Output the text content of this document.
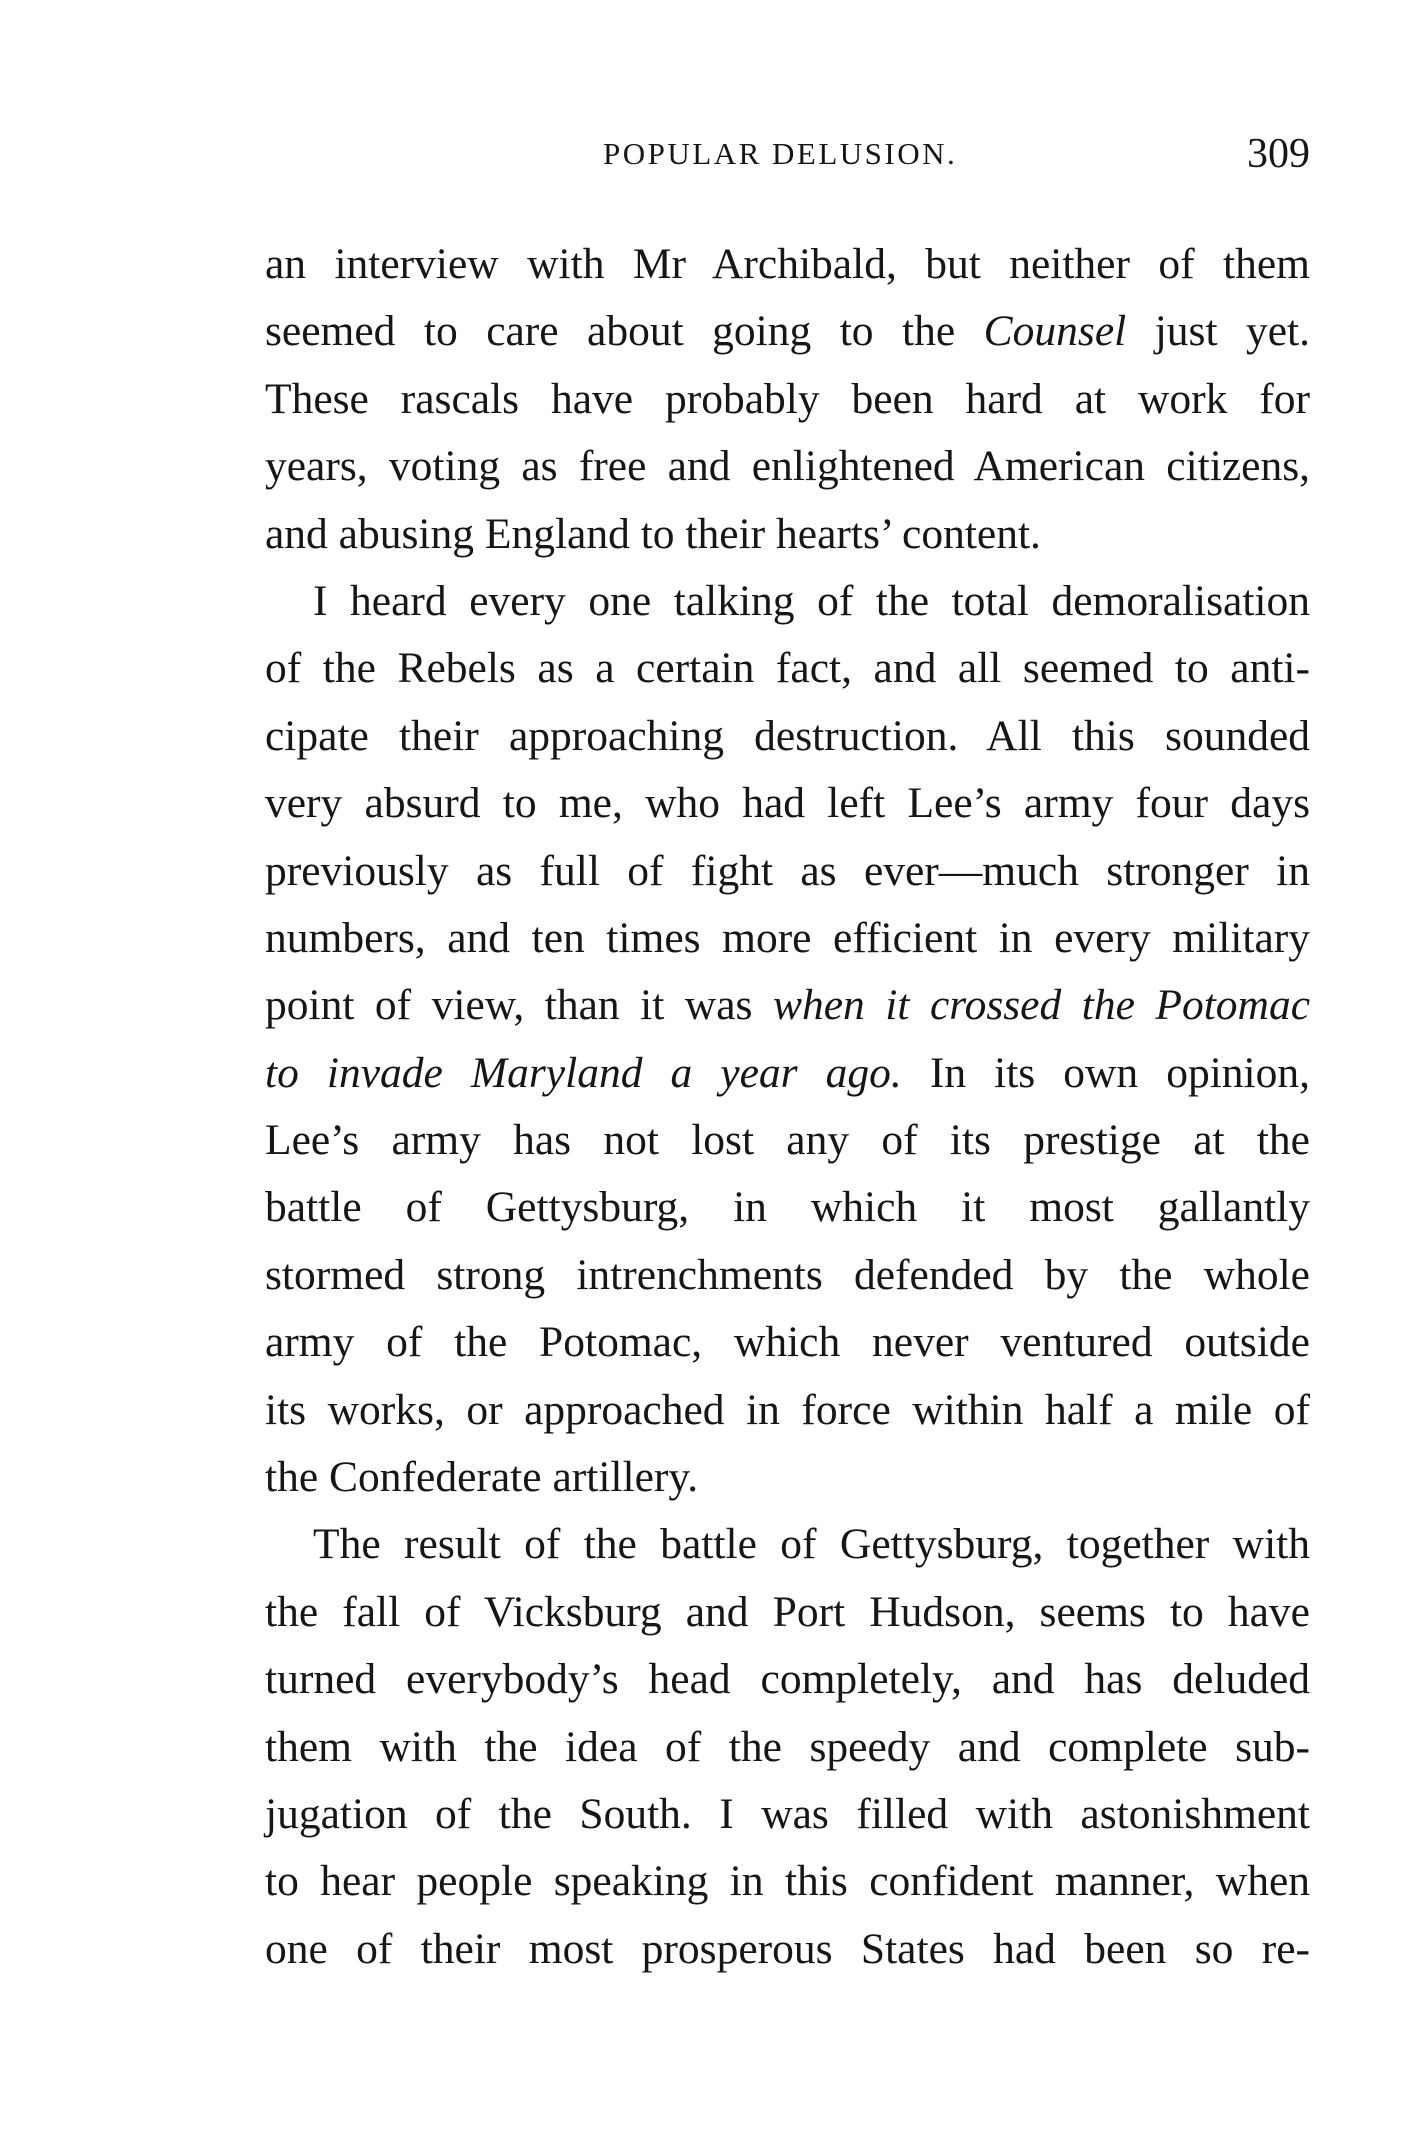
POPULAR DELUSION.	309
an interview with Mr Archibald, but neither of them
seemed to care about going to the Counsel just yet.
These rascals have probably been hard at work for
years, voting as free and enlightened American citizens,
and abusing England to their hearts’ content.
I heard every one talking of the total demoralisation
of the Rebels as a certain fact, and all seemed to anti-
cipate their approaching destruction. All this sounded
very absurd to me, who had left Lee’s army four days
previously as full of fight as ever—much stronger in
numbers, and ten times more efficient in every military
point of view, than it was when it crossed the Potomac
to invade Maryland a year ago. In its own opinion,
Lee’s army has not lost any of its prestige at the
battle of Gettysburg, in which it most gallantly
stormed strong intrenchments defended by the whole
army of the Potomac, which never ventured outside
its works, or approached in force within half a mile of
the Confederate artillery.
The result of the battle of Gettysburg, together with
the fall of Vicksburg and Port Hudson, seems to have
turned everybody’s head completely, and has deluded
them with the idea of the speedy and complete sub-
jugation of the South. I was filled with astonishment
to hear people speaking in this confident manner, when
one of their most prosperous States had been so re-
